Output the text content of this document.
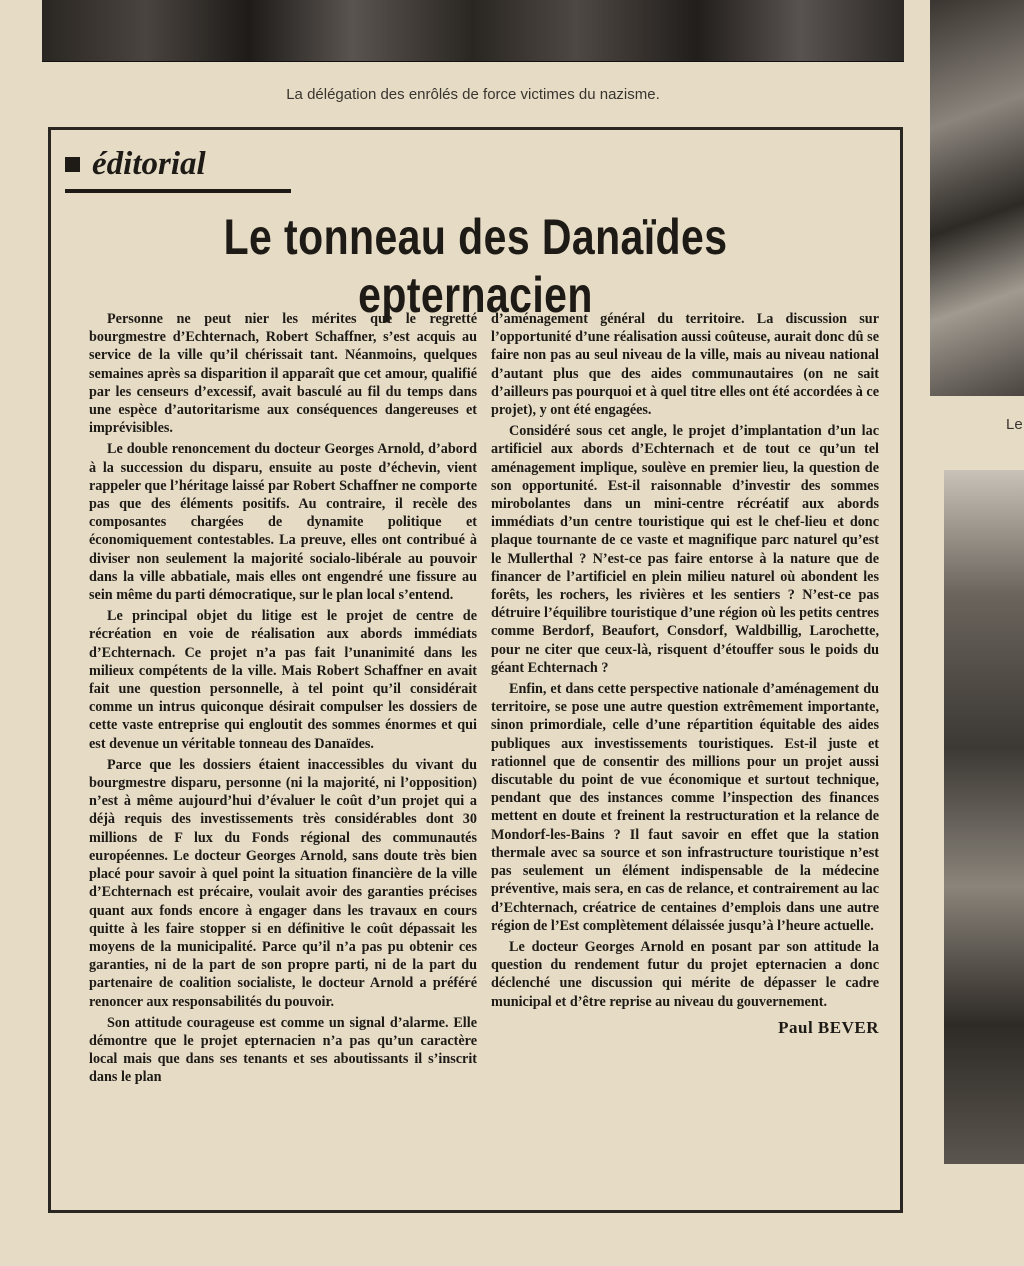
La délégation des enrôlés de force victimes du nazisme.
Le
éditorial
Le tonneau des Danaïdes epternacien

Personne ne peut nier les mérites que le regretté bourgmestre d’Echternach, Robert Schaffner, s’est acquis au service de la ville qu’il chérissait tant. Néanmoins, quelques semaines après sa disparition il apparaît que cet amour, qualifié par les censeurs d’excessif, avait basculé au fil du temps dans une espèce d’autoritarisme aux conséquences dangereuses et imprévisibles.

Le double renoncement du docteur Georges Arnold, d’abord à la succession du disparu, ensuite au poste d’échevin, vient rappeler que l’héritage laissé par Robert Schaffner ne comporte pas que des éléments positifs. Au contraire, il recèle des composantes chargées de dynamite politique et économiquement contestables. La preuve, elles ont contribué à diviser non seulement la majorité socialo-libérale au pouvoir dans la ville abbatiale, mais elles ont engendré une fissure au sein même du parti démocratique, sur le plan local s’entend.

Le principal objet du litige est le projet de centre de récréation en voie de réalisation aux abords immédiats d’Echternach. Ce projet n’a pas fait l’unanimité dans les milieux compétents de la ville. Mais Robert Schaffner en avait fait une question personnelle, à tel point qu’il considérait comme un intrus quiconque désirait compulser les dossiers de cette vaste entreprise qui engloutit des sommes énormes et qui est devenue un véritable tonneau des Danaïdes.

Parce que les dossiers étaient inaccessibles du vivant du bourgmestre disparu, personne (ni la majorité, ni l’opposition) n’est à même aujourd’hui d’évaluer le coût d’un projet qui a déjà requis des investissements très considérables dont 30 millions de F lux du Fonds régional des communautés européennes. Le docteur Georges Arnold, sans doute très bien placé pour savoir à quel point la situation financière de la ville d’Echternach est précaire, voulait avoir des garanties précises quant aux fonds encore à engager dans les travaux en cours quitte à les faire stopper si en définitive le coût dépassait les moyens de la municipalité. Parce qu’il n’a pas pu obtenir ces garanties, ni de la part de son propre parti, ni de la part du partenaire de coalition socialiste, le docteur Arnold a préféré renoncer aux responsabilités du pouvoir.

Son attitude courageuse est comme un signal d’alarme. Elle démontre que le projet epternacien n’a pas qu’un caractère local mais que dans ses tenants et ses aboutissants il s’inscrit dans le plan

d’aménagement général du territoire. La discussion sur l’opportunité d’une réalisation aussi coûteuse, aurait donc dû se faire non pas au seul niveau de la ville, mais au niveau national d’autant plus que des aides communautaires (on ne sait d’ailleurs pas pourquoi et à quel titre elles ont été accordées à ce projet), y ont été engagées.

Considéré sous cet angle, le projet d’implantation d’un lac artificiel aux abords d’Echternach et de tout ce qu’un tel aménagement implique, soulève en premier lieu, la question de son opportunité. Est-il raisonnable d’investir des sommes mirobolantes dans un mini-centre récréatif aux abords immédiats d’un centre touristique qui est le chef-lieu et donc plaque tournante de ce vaste et magnifique parc naturel qu’est le Mullerthal ? N’est-ce pas faire entorse à la nature que de financer de l’artificiel en plein milieu naturel où abondent les forêts, les rochers, les rivières et les sentiers ? N’est-ce pas détruire l’équilibre touristique d’une région où les petits centres comme Berdorf, Beaufort, Consdorf, Waldbillig, Larochette, pour ne citer que ceux-là, risquent d’étouffer sous le poids du géant Echternach ?

Enfin, et dans cette perspective nationale d’aménagement du territoire, se pose une autre question extrêmement importante, sinon primordiale, celle d’une répartition équitable des aides publiques aux investissements touristiques. Est-il juste et rationnel que de consentir des millions pour un projet aussi discutable du point de vue économique et surtout technique, pendant que des instances comme l’inspection des finances mettent en doute et freinent la restructuration et la relance de Mondorf-les-Bains ? Il faut savoir en effet que la station thermale avec sa source et son infrastructure touristique n’est pas seulement un élément indispensable de la médecine préventive, mais sera, en cas de relance, et contrairement au lac d’Echternach, créatrice de centaines d’emplois dans une autre région de l’Est complètement délaissée jusqu’à l’heure actuelle.

Le docteur Georges Arnold en posant par son attitude la question du rendement futur du projet epternacien a donc déclenché une discussion qui mérite de dépasser le cadre municipal et d’être reprise au niveau du gouvernement.

Paul BEVER
